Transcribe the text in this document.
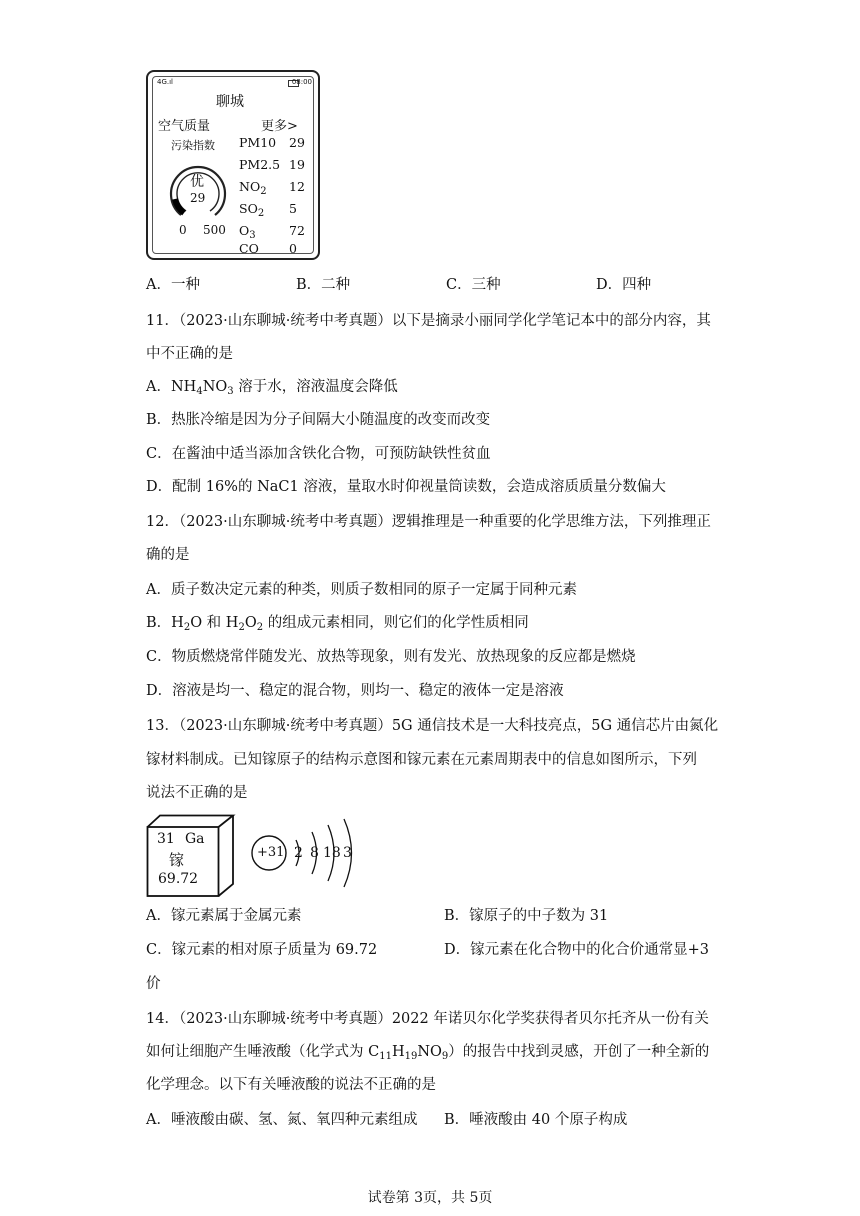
4G.ıl	08:00
聊城
空气质量	更多>
污染指数
优
29
0 500
PM10 29
PM2.5 19
$NO_2$ 12
$SO_2$ 5
$O_3$	72
CO 0
A．一种	B．二种	C．三种	D．四种
11．（2023·山东聊城·统考中考真题）以下是摘录小丽同学化学笔记本中的部分内容，其
中不正确的是
A．$NH_4NO_3$ 溶于水，溶液温度会降低
B．热胀冷缩是因为分子间隔大小随温度的改变而改变
C．在酱油中适当添加含铁化合物，可预防缺铁性贫血
D．配制 16%的 NaC1 溶液，量取水时仰视量筒读数，会造成溶质质量分数偏大
12．（2023·山东聊城·统考中考真题）逻辑推理是一种重要的化学思维方法，下列推理正
确的是
A．质子数决定元素的种类，则质子数相同的原子一定属于同种元素
B．$H_2O$ 和 $H_2O_2$ 的组成元素相同，则它们的化学性质相同
C．物质燃烧常伴随发光、放热等现象，则有发光、放热现象的反应都是燃烧
D．溶液是均一、稳定的混合物，则均一、稳定的液体一定是溶液
13．（2023·山东聊城·统考中考真题）5G 通信技术是一大科技亮点，5G 通信芯片由氮化
镓材料制成。已知镓原子的结构示意图和镓元素在元素周期表中的信息如图所示，下列
说法不正确的是
31 Ga
镓
69.72
+31 2 8 18 3
A．镓元素属于金属元素	B．镓原子的中子数为 31
C．镓元素的相对原子质量为 69.72	D．镓元素在化合物中的化合价通常显+3
价
14．（2023·山东聊城·统考中考真题）2022 年诺贝尔化学奖获得者贝尔托齐从一份有关
如何让细胞产生唾液酸（化学式为 $C_{11}H_{19}NO_9$）的报告中找到灵感，开创了一种全新的
化学理念。以下有关唾液酸的说法不正确的是
A．唾液酸由碳、氢、氮、氧四种元素组成 B．唾液酸由 40 个原子构成
试卷第 3页，共 5页
